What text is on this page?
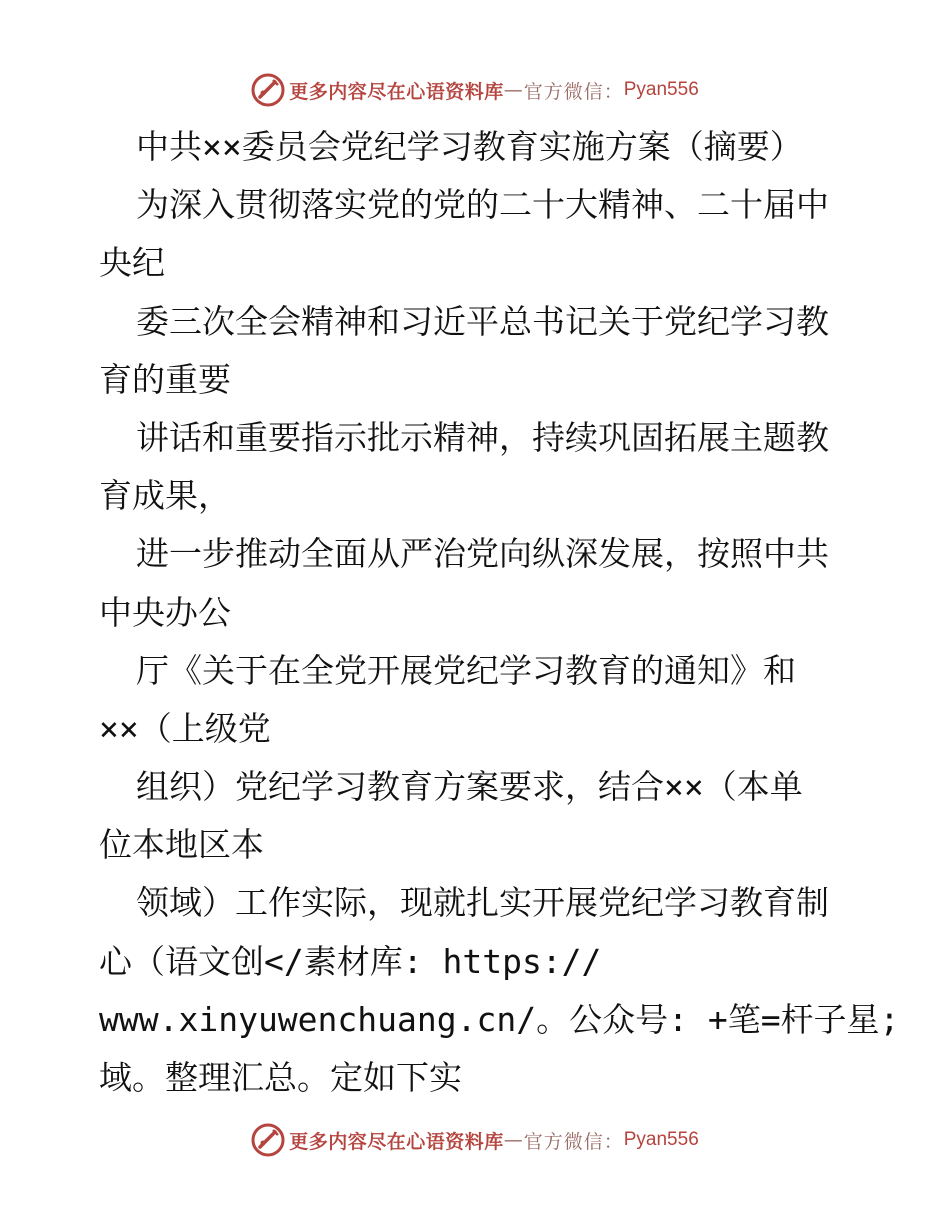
更多内容尽在心语资料库 — 官方微信： Pyan556
中共××委员会党纪学习教育实施方案（摘要）
为深入贯彻落实党的党的二十大精神、二十届中
央纪
委三次全会精神和习近平总书记关于党纪学习教
育的重要
讲话和重要指示批示精神，持续巩固拓展主题教
育成果，
进一步推动全面从严治党向纵深发展，按照中共
中央办公
厅《关于在全党开展党纪学习教育的通知》和
××（上级党
组织）党纪学习教育方案要求，结合××（本单
位本地区本
领域）工作实际，现就扎实开展党纪学习教育制
心（语文创</素材库: https://
www.xinyuwenchuang.cn/。公众号: +笔=杆子星;
域。整理汇总。定如下实
更多内容尽在心语资料库 — 官方微信： Pyan556
